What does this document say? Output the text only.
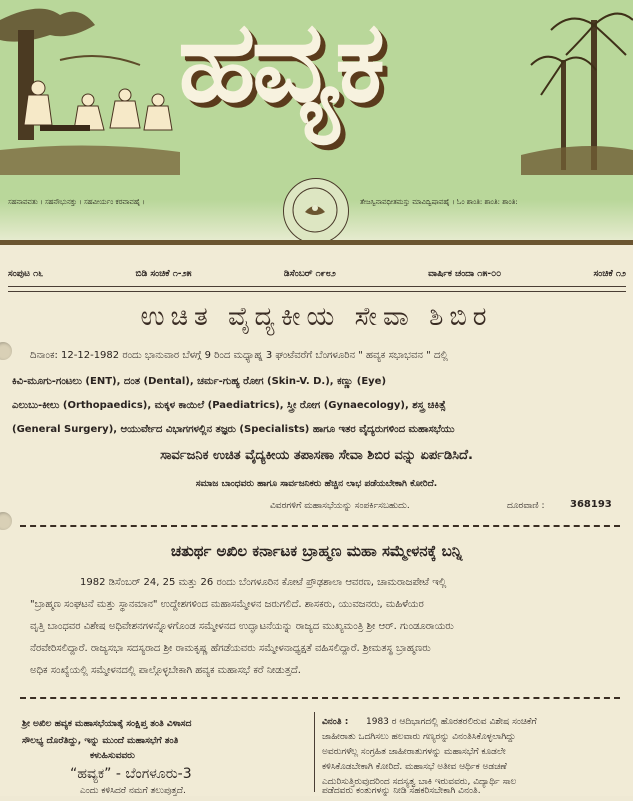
ಹವ್ಯಕ
ಸಹನಾವವತು । ಸಹನೌಭುನಕ್ತು । ಸಹವೀರ್ಯಂ ಕರವಾವಹೈ ।	ತೇಜಸ್ವಿನಾವಧೀತಮಸ್ತು ಮಾವಿದ್ವಿಷಾವಹೈ । ಓಂ ಶಾಂತಿ: ಶಾಂತಿ: ಶಾಂತಿ:
ಸಂಪುಟ ೧೬	ಬಿಡಿ ಸಂಚಿಕೆ ೧-೨೫	ಡಿಸೆಂಬರ್ ೧೯೮೨	ವಾರ್ಷಿಕ ಚಂದಾ ೧೫-೦೦	ಸಂಚಿಕೆ ೧೨
ಉಚಿತ ವೈದ್ಯಕೀಯ ಸೇವಾ ಶಿಬಿರ
ದಿನಾಂಕ: 12-12-1982 ರಂದು ಭಾನುವಾರ ಬೆಳಗ್ಗೆ 9 ರಿಂದ ಮಧ್ಯಾಹ್ನ 3 ಘಂಟೆವರೆಗೆ ಬೆಂಗಳೂರಿನ " ಹವ್ಯಕ ಸಭಾಭವನ " ದಲ್ಲಿ
ಕಿವಿ-ಮೂಗು-ಗಂಟಲು (ENT), ದಂತ (Dental), ಚರ್ಮ-ಗುಹ್ಯ ರೋಗ (Skin-V. D.), ಕಣ್ಣು (Eye)
ಎಲುಬು-ಕೀಲು (Orthopaedics), ಮಕ್ಕಳ ಕಾಯಿಲೆ (Paediatrics), ಸ್ತ್ರೀ ರೋಗ (Gynaecology), ಶಸ್ತ್ರ ಚಿಕಿತ್ಸೆ
(General Surgery), ಆಯುರ್ವೇದ ವಿಭಾಗಗಳಲ್ಲಿನ ತಜ್ಞರು (Specialists) ಹಾಗೂ ಇತರ ವೈದ್ಯರುಗಳಿಂದ ಮಹಾಸಭೆಯು
ಸಾರ್ವಜನಿಕ ಉಚಿತ ವೈದ್ಯಕೀಯ ತಪಾಸಣಾ ಸೇವಾ ಶಿಬಿರ ವನ್ನು ಏರ್ಪಡಿಸಿದೆ.
ಸಮಾಜ ಬಾಂಧವರು ಹಾಗೂ ಸಾರ್ವಜನಿಕರು ಹೆಚ್ಚಿನ ಲಾಭ ಪಡೆಯಬೇಕಾಗಿ ಕೋರಿದೆ.
ವಿವರಗಳಿಗೆ ಮಹಾಸಭೆಯನ್ನು ಸಂಪರ್ಕಿಸಬಹುದು.	ದೂರವಾಣಿ :	368193
ಚತುರ್ಥ ಅಖಿಲ ಕರ್ನಾಟಕ ಬ್ರಾಹ್ಮಣ ಮಹಾ ಸಮ್ಮೇಳನಕ್ಕೆ ಬನ್ನಿ
1982 ಡಿಸೆಂಬರ್ 24, 25 ಮತ್ತು 26 ರಂದು ಬೆಂಗಳೂರಿನ ಕೋಟೆ ಪ್ರೌಢಶಾಲಾ ಆವರಣ, ಚಾಮರಾಜಪೇಟೆ ಇಲ್ಲಿ
"ಬ್ರಾಹ್ಮಣ ಸಂಘಟನೆ ಮತ್ತು ಸ್ಥಾನಮಾನ" ಉದ್ದೇಶಗಳಿಂದ ಮಹಾಸಮ್ಮೇಳನ ಜರುಗಲಿದೆ. ಶಾಸಕರು, ಯುವಜನರು, ಮಹಿಳೆಯರ
ವೃತ್ತಿ ಬಾಂಧವರ ವಿಶೇಷ ಅಧಿವೇಶನಗಳನ್ನೊಳಗೊಂಡ ಸಮ್ಮೇಳನದ ಉದ್ಘಾಟನೆಯನ್ನು ರಾಜ್ಯದ ಮುಖ್ಯಮಂತ್ರಿ ಶ್ರೀ ಆರ್. ಗುಂಡೂರಾಯರು
ನೆರವೇರಿಸಲಿದ್ದಾರೆ. ರಾಜ್ಯಸಭಾ ಸದಸ್ಯರಾದ ಶ್ರೀ ರಾಮಕೃಷ್ಣ ಹೆಗಡೆಯವರು ಸಮ್ಮೇಳನಾಧ್ಯಕ್ಷತೆ ವಹಿಸಲಿದ್ದಾರೆ. ಶ್ರೀಮತಸ್ಥ ಬ್ರಾಹ್ಮಣರು
ಅಧಿಕ ಸಂಖ್ಯೆಯಲ್ಲಿ ಸಮ್ಮೇಳನದಲ್ಲಿ ಪಾಲ್ಗೊಳ್ಳಬೇಕಾಗಿ ಹವ್ಯಕ ಮಹಾಸಭೆ ಕರೆ ನೀಡುತ್ತದೆ.
ಶ್ರೀ ಅಖಿಲ ಹವ್ಯಕ ಮಹಾಸಭೆಯಾತ್ಕೆ ಸಂಕ್ಷಿಪ್ತ ತಂತಿ ವಿಳಾಸದ
ಸೌಲಭ್ಯ ದೊರೆತಿದ್ದು, ಇನ್ನು ಮುಂದೆ ಮಹಾಸಭೆಗೆ ತಂತಿ
ಕಳುಹಿಸುವವರು
“ಹವ್ಯಕ” - ಬೆಂಗಳೂರು-3
ಎಂದು ಕಳಿಸಿದರೆ ನಮಗೆ ತಲುಪುತ್ತದೆ.
ವಿನಂತಿ :	1983 ರ ಆದಿಭಾಗದಲ್ಲಿ ಹೊರತರಲಿರುವ ವಿಶೇಷ ಸಂಚಿಕೆಗೆ
ಜಾಹೀರಾತು ಒದಗಿಸಲು ಹಲವಾರು ಗಣ್ಯರನ್ನು ವಿನಂತಿಸಿಕೊಳ್ಳಲಾಗಿದ್ದು
ಅವರುಗಳೆಲ್ಲ ಸಂಗ್ರಹಿತ ಜಾಹೀರಾತುಗಳನ್ನು ಮಹಾಸಭೆಗೆ ಕೂಡಲೇ
ಕಳಿಸಿಕೊಡಬೇಕಾಗಿ ಕೋರಿದೆ. ಮಹಾಸಭೆ ಅತೀವ ಆರ್ಥಿಕ ಅಡಚಣೆ
ಎದುರಿಸುತ್ತಿರುವುದರಿಂದ ಸದಸ್ಯತ್ವ ಬಾಕಿ ಇರುವವರು, ವಿದ್ಯಾರ್ಥಿ ಸಾಲ
ಪಡೆದವರು ಕಂತುಗಳನ್ನು ನೀಡಿ ಸಹಕರಿಸಬೇಕಾಗಿ ವಿನಂತಿ.
